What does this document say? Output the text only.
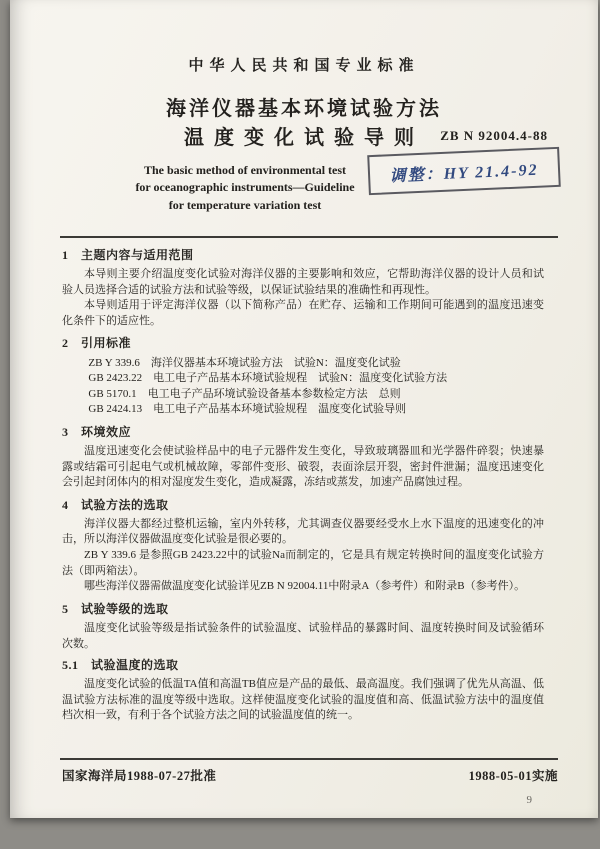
中华人民共和国专业标准
海洋仪器基本环境试验方法
温度变化试验导则	ZB N 92004.4-88
The basic method of environmental test
for oceanographic instruments—Guideline
for temperature variation test
调整：HY 21.4-92
1　主题内容与适用范围
本导则主要介绍温度变化试验对海洋仪器的主要影响和效应，它帮助海洋仪器的设计人员和试验人员选择合适的试验方法和试验等级，以保证试验结果的准确性和再现性。
本导则适用于评定海洋仪器（以下简称产品）在贮存、运输和工作期间可能遇到的温度迅速变化条件下的适应性。
2　引用标准
ZB Y 339.6　海洋仪器基本环境试验方法　试验N：温度变化试验
GB 2423.22　电工电子产品基本环境试验规程　试验N：温度变化试验方法
GB 5170.1　电工电子产品环境试验设备基本参数检定方法　总则
GB 2424.13　电工电子产品基本环境试验规程　温度变化试验导则
3　环境效应
温度迅速变化会使试验样品中的电子元器件发生变化，导致玻璃器皿和光学器件碎裂；快速暴露或结霜可引起电气或机械故障，零部件变形、破裂，表面涂层开裂，密封件泄漏；温度迅速变化会引起封闭体内的相对湿度发生变化，造成凝露，冻结或蒸发，加速产品腐蚀过程。
4　试验方法的选取
海洋仪器大都经过整机运输，室内外转移，尤其调查仪器要经受水上水下温度的迅速变化的冲击，所以海洋仪器做温度变化试验是很必要的。
ZB Y 339.6 是参照GB 2423.22中的试验Na而制定的，它是具有规定转换时间的温度变化试验方法（即两箱法）。
哪些海洋仪器需做温度变化试验详见ZB N 92004.11中附录A（参考件）和附录B（参考件）。
5　试验等级的选取
温度变化试验等级是指试验条件的试验温度、试验样品的暴露时间、温度转换时间及试验循环次数。
5.1　试验温度的选取
温度变化试验的低温TA值和高温TB值应是产品的最低、最高温度。我们强调了优先从高温、低温试验方法标准的温度等级中选取。这样使温度变化试验的温度值和高、低温试验方法中的温度值档次相一致，有利于各个试验方法之间的试验温度值的统一。
国家海洋局1988-07-27批准	1988-05-01实施
9
